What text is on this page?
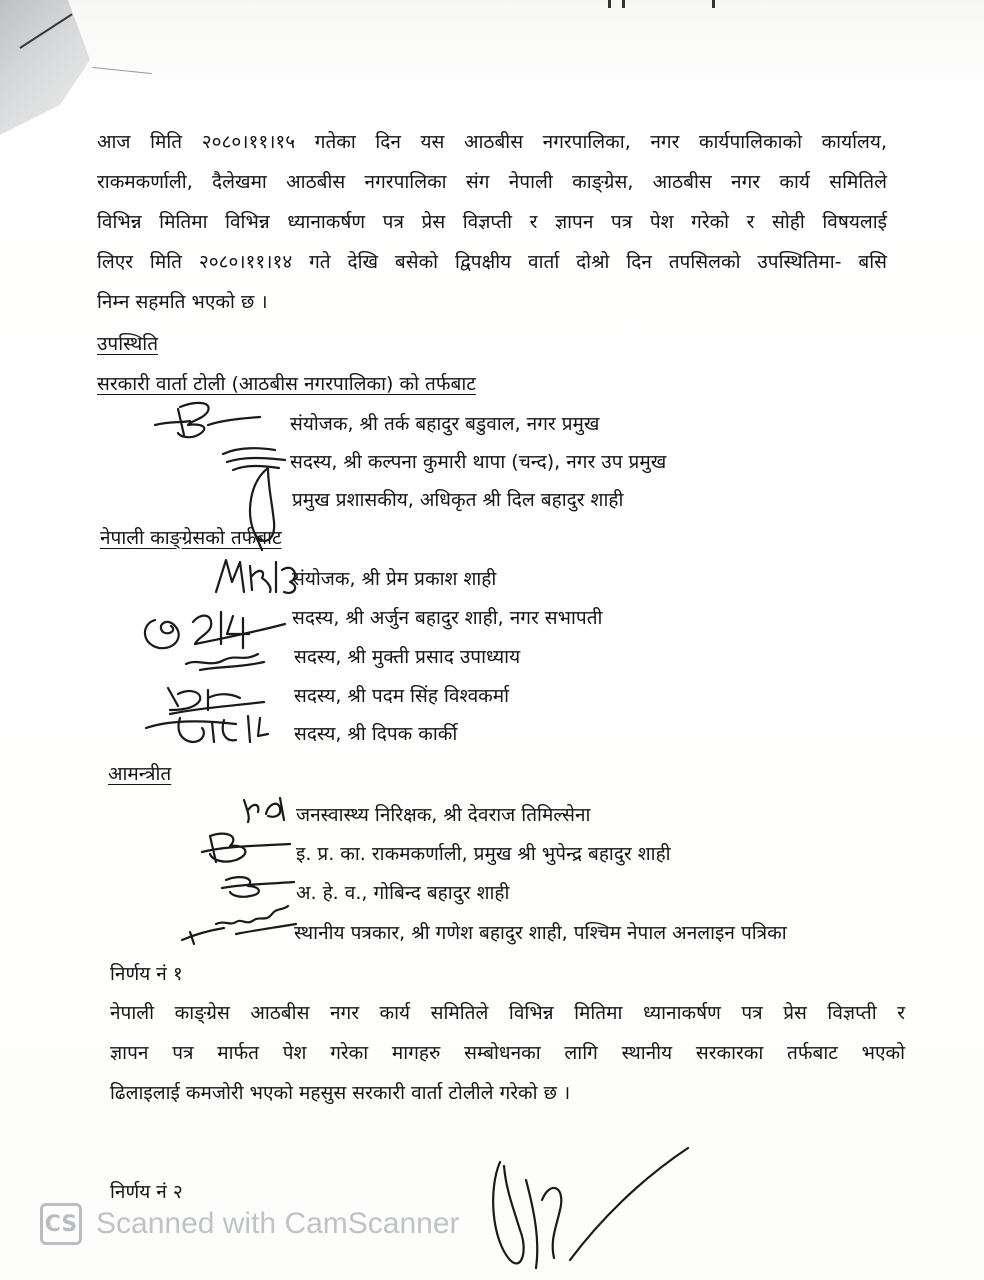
आज मिति २०८०।११।१५ गतेका दिन यस आठबीस नगरपालिका, नगर कार्यपालिकाको कार्यालय,
राकमकर्णाली, दैलेखमा आठबीस नगरपालिका संग नेपाली काङ्ग्रेस, आठबीस नगर कार्य समितिले
विभिन्न मितिमा विभिन्न ध्यानाकर्षण पत्र प्रेस विज्ञप्ती र ज्ञापन पत्र पेश गरेको र सोही विषयलाई
लिएर मिति २०८०।११।१४ गते देखि बसेको द्विपक्षीय वार्ता दोश्रो दिन तपसिलको उपस्थितिमा- बसि
निम्न सहमति भएको छ ।
उपस्थिति
सरकारी वार्ता टोली (आठबीस नगरपालिका) को तर्फबाट
संयोजक, श्री तर्क बहादुर बडुवाल, नगर प्रमुख
सदस्य, श्री कल्पना कुमारी थापा (चन्द), नगर उप प्रमुख
प्रमुख प्रशासकीय, अधिकृत श्री दिल बहादुर शाही
नेपाली काङ्ग्रेसको तर्फबाट
संयोजक, श्री प्रेम प्रकाश शाही
सदस्य, श्री अर्जुन बहादुर शाही, नगर सभापती
सदस्य, श्री मुक्ती प्रसाद उपाध्याय
सदस्य, श्री पदम सिंह विश्वकर्मा
सदस्य, श्री दिपक कार्की
आमन्त्रीत
जनस्वास्थ्य निरिक्षक, श्री देवराज तिमिल्सेना
इ. प्र. का. राकमकर्णाली, प्रमुख श्री भुपेन्द्र बहादुर शाही
अ. हे. व., गोबिन्द बहादुर शाही
स्थानीय पत्रकार, श्री गणेश बहादुर शाही, पश्चिम नेपाल अनलाइन पत्रिका
निर्णय नं १
नेपाली काङ्ग्रेस आठबीस नगर कार्य समितिले विभिन्न मितिमा ध्यानाकर्षण पत्र प्रेस विज्ञप्ती र
ज्ञापन पत्र मार्फत पेश गरेका मागहरु सम्बोधनका लागि स्थानीय सरकारका तर्फबाट भएको
ढिलाइलाई कमजोरी भएको महसुस सरकारी वार्ता टोलीले गरेको छ ।
निर्णय नं २
CS Scanned with CamScanner
